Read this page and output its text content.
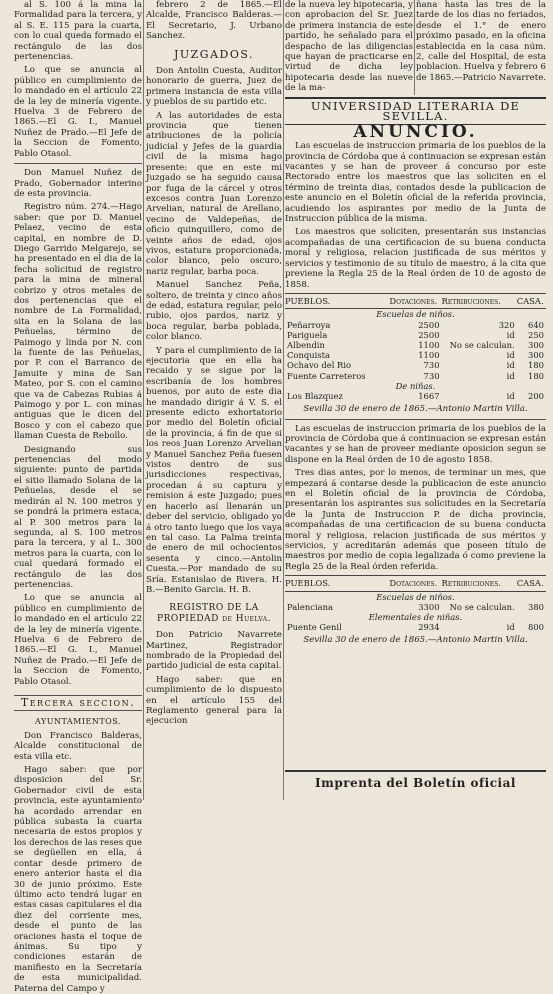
al S. 100 á la mina la Formalidad para la tercera, y al S. E. 115 para la cuarta, con lo cual queda formado el rectángulo de las dos pertenencias.

Lo que se anuncia al público en cumplimiento de lo mandado en el artículo 22 de la ley de minería vigente. Huelva 3 de Febrero de 1865.—El G. I., Manuel Nuñez de Prado.—El Jefe de la Seccion de Fomento, Pablo Otasol.

Don Manuel Nuñez de Prado, Gobernador interino de esta provincia.

Registro núm. 274.—Hago saber: que por D. Manuel Pelaez, vecino de esta capital, en nombre de D. Diego Garrido Melgarejo, se ha presentado en el dia de la fecha solicitud de registro para la mina de mineral cobrizo y otros metales de dos pertenencias que el nombre de La Formalidad, sita en la Solana de las Peñuelas, término de Paimogo y linda por N. con la fuente de las Peñuelas, por P. con el Barranco de Jamuite y mina de San Mateo, por S. con el camino que va de Cabezas Rubias á Paimogo y por L. con minas antiguas que le dicen del Bosco y con el cabezo que llaman Cuesta de Rebollo.

Designando sus pertenencias del modo siguiente: punto de partida el sitio llamado Solana de la Peñuelas, desde el se medirán al N. 100 metros y se pondrá la primera estaca, al P. 300 metros para la segunda, al S. 100 metros para la tercera, y al L. 300 metros para la cuarta, con lo cual quedará formado el rectángulo de las dos pertenencias.

Lo que se anuncia al público en cumplimiento de lo mandado en el artículo 22 de la ley de minería vigente. Huelva 6 de Febrero de 1865.—El G. I., Manuel Nuñez de Prado.—El Jefe de la Seccion de Fomento, Pablo Otasol.

Tercera seccion.

AYUNTAMIENTOS.

Don Francisco Balderas, Alcalde constitucional de esta villa etc.

Hago saber: que por disposicion del Sr. Gobernador civil de esta provincia, este ayuntamiento ha acordado arrendar en pública subasta la cuarta necesaria de estos propios y los derechos de las reses que se degüellen en ella, á contar desde primero de enero anterior hasta el dia 30 de junio próximo. Este último acto tendrá lugar en estas casas capitulares el dia diez del corriente mes, desde el punto de las oraciones hasta el toque de ánimas. Su tipo y condiciones estarán de manifiesto en la Secretaría de esta municipalidad. Paterna del Campo y

febrero 2 de 1865.—El Alcalde, Francisco Balderas.—El Secretario, J. Urbano Sanchez.

JUZGADOS.

Don Antolin Cuesta, Auditor honorario de guerra, Juez de primera instancia de esta villa y pueblos de su partido etc.

A las autoridades de esta provincia que tienen atribuciones de la policía judicial y Jefes de la guardia civil de la misma hago presente: que en este mi Juzgado se ha seguido causa por fuga de la cárcel y otros excesos contra Juan Lorenzo Arvelian, natural de Arellano, vecino de Valdepeñas, de oficio quinquillero, como de veinte años de edad, ojos vivos, estatura proporcionada, color blanco, pelo oscuro, nariz regular, barba poca.

Manuel Sanchez Peña, soltero, de treinta y cinco años de edad, estatura regular, pelo rubio, ojos pardos, nariz y boca regular, barba poblada, color blanco.

Y para el cumplimiento de la ejecutoria que en ella ha recaido y se sigue por la escribanía de los hombres buenos, por auto de este dia he mandado dirigir á V. S. el presente edicto exhortatorio por medio del Boletín oficial de la provincia, á fin de que si los reos Juan Lorenzo Arvelian y Manuel Sanchez Peña fuesen vistos dentro de sus jurisdicciones respectivas, procedan á su captura y remision á este Juzgado; pues en hacerlo así llenarán un deber del servicio, obligado yo á otro tanto luego que los vaya en tal caso. La Palma treinta de enero de mil ochocientos sesenta y cinco.—Antolin Cuesta.—Por mandado de su Sría. Estanislao de Rivera. H. B.—Benito Garcia. H. B.

REGISTRO DE LA PROPIEDAD de Huelva.

Don Patricio Navarrete Martinez, Registrador nombrado de la Propiedad del partido judicial de esta capital.

Hago saber: que en cumplimiento de lo dispuesto en el artículo 155 del Reglamento general para la ejecucion

de la nueva ley hipotecaria, y con aprobacion del Sr. Juez de primera instancia de este partido, he señalado para el despacho de las diligencias que hayan de practicarse en virtud de dicha ley hipotecaria desde las nueve de la ma-

ñana hasta las tres de la tarde de los dias no feriados, desde el 1.° de enero próximo pasado, en la oficina establecida en la casa núm. 2, calle del Hospital, de esta poblacion. Huelva y febrero 6 de 1865.—Patricio Navarrete.

UNIVERSIDAD LITERARIA DE SEVILLA.
ANUNCIO.

Las escuelas de instruccion primaria de los pueblos de la provincia de Córdoba que á continuacion se expresan están vacantes y se han de proveer á concurso por este Rectorado entre los maestros que las soliciten en el término de treinta dias, contados desde la publicacion de este anuncio en el Boletín oficial de la referida provincia, acudiendo los aspirantes por medio de la Junta de Instruccion pública de la misma.

Los maestros que soliciten, presentarán sus instancias acompañadas de una certificacion de su buena conducta moral y religiosa, relacion justificada de sus méritos y servicios y testimonio de su título de maestro, á la cita que previene la Regla 25 de la Real órden de 10 de agosto de 1858.

PUEBLOS.	Dotaciones.	Retribuciones.	CASA.
Escuelas de niños.			
Peñarroya	2500	320	640
Pariguela	2500	id	250
Albendin	1100	No se calculan.	300
Conquista	1100	id	300
Ochavo del Rio	730	id	180
Fuente Carreteros	730	id	180
De niñas.			
Los Blazquez	1667	id	200

Sevilla 30 de enero de 1865.—Antonio Martin Villa.

Las escuelas de instruccion primaria de los pueblos de la provincia de Córdoba que á continuacion se expresan están vacantes y se han de proveer mediante oposicion segun se dispone en la Real órden de 10 de agosto 1858.

Tres dias antes, por lo menos, de terminar un mes, que empezará á contarse desde la publicacion de este anuncio en el Boletín oficial de la provincia de Córdoba, presentarán los aspirantes sus solicitudes en la Secretaría de la Junta de Instruccion P. de dicha provincia, acompañadas de una certificacion de su buena conducta moral y religiosa, relacion justificada de sus méritos y servicios, y acreditarán además que poseen título de maestros por medio de copia legalizada ó como previene la Regla 25 de la Real órden referida.

PUEBLOS.	Dotaciones.	Retribuciones.	CASA.
Escuelas de niños.			
Palenciana	3300	No se calculan.	380
Elementales de niñas.			
Puente Genil	2934	id	800

Sevilla 30 de enero de 1865.—Antonio Martin Villa.

Imprenta del Boletín oficial
